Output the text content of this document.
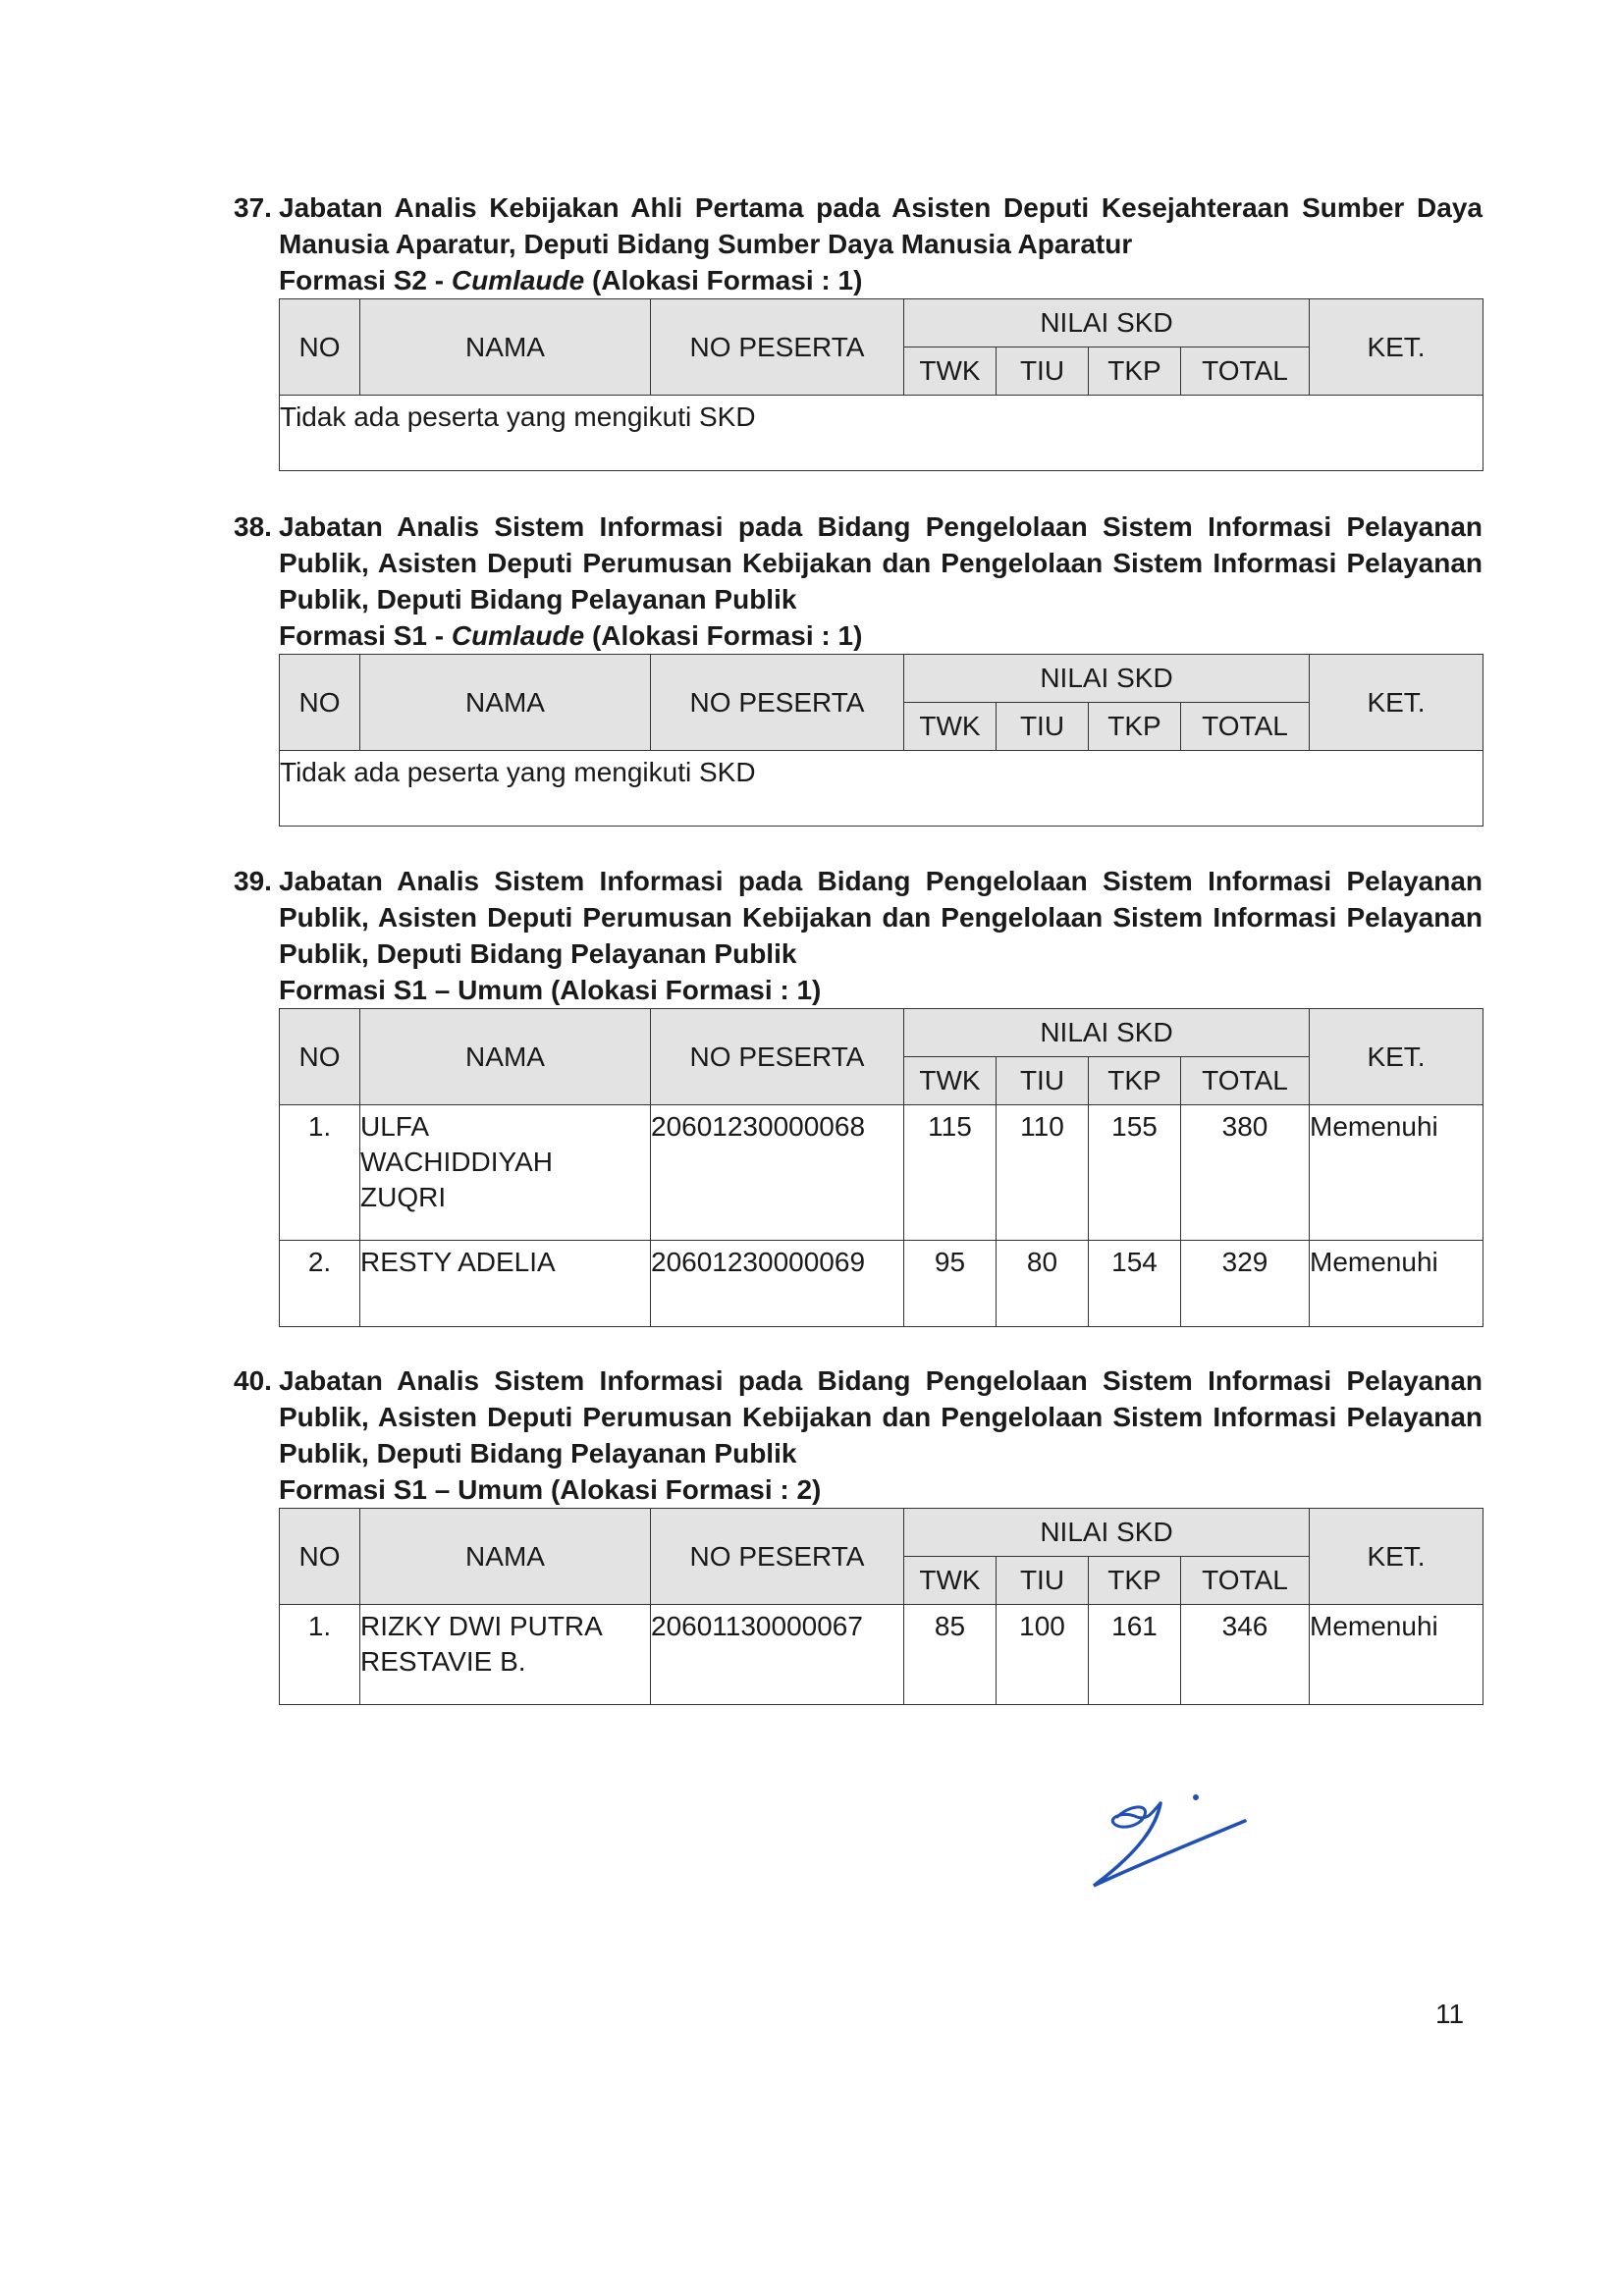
37. Jabatan Analis Kebijakan Ahli Pertama pada Asisten Deputi Kesejahteraan Sumber Daya Manusia Aparatur, Deputi Bidang Sumber Daya Manusia Aparatur
Formasi S2 - Cumlaude (Alokasi Formasi : 1)
NO	NAMA	NO PESERTA	NILAI SKD				KET.
			TWK	TIU	TKP	TOTAL	
Tidak ada peserta yang mengikuti SKD							
38. Jabatan Analis Sistem Informasi pada Bidang Pengelolaan Sistem Informasi Pelayanan Publik, Asisten Deputi Perumusan Kebijakan dan Pengelolaan Sistem Informasi Pelayanan Publik, Deputi Bidang Pelayanan Publik
Formasi S1 - Cumlaude (Alokasi Formasi : 1)
NO	NAMA	NO PESERTA	NILAI SKD				KET.
			TWK	TIU	TKP	TOTAL	
Tidak ada peserta yang mengikuti SKD							
39. Jabatan Analis Sistem Informasi pada Bidang Pengelolaan Sistem Informasi Pelayanan Publik, Asisten Deputi Perumusan Kebijakan dan Pengelolaan Sistem Informasi Pelayanan Publik, Deputi Bidang Pelayanan Publik
Formasi S1 – Umum (Alokasi Formasi : 1)
NO	NAMA	NO PESERTA	NILAI SKD				KET.
			TWK	TIU	TKP	TOTAL	
1.	ULFA WACHIDDIYAH ZUQRI	20601230000068	115	110	155	380	Memenuhi
2.	RESTY ADELIA	20601230000069	95	80	154	329	Memenuhi
40. Jabatan Analis Sistem Informasi pada Bidang Pengelolaan Sistem Informasi Pelayanan Publik, Asisten Deputi Perumusan Kebijakan dan Pengelolaan Sistem Informasi Pelayanan Publik, Deputi Bidang Pelayanan Publik
Formasi S1 – Umum (Alokasi Formasi : 2)
NO	NAMA	NO PESERTA	NILAI SKD				KET.
			TWK	TIU	TKP	TOTAL	
1.	RIZKY DWI PUTRA RESTAVIE B.	20601130000067	85	100	161	346	Memenuhi
11
